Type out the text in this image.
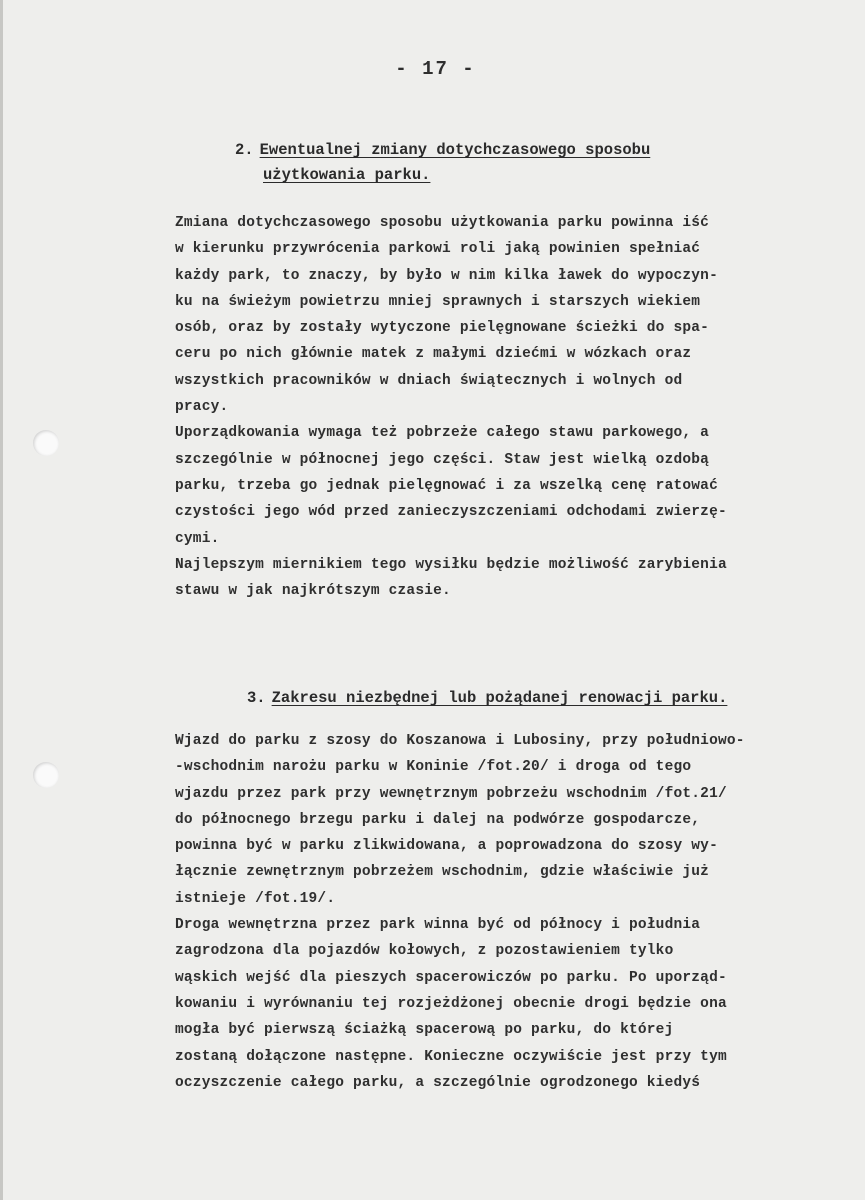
- 17 -
2. Ewentualnej zmiany dotychczasowego sposobu
użytkowania parku.
Zmiana dotychczasowego sposobu użytkowania parku powinna iść
w kierunku przywrócenia parkowi roli jaką powinien spełniać
każdy park, to znaczy, by było w nim kilka ławek do wypoczyn-
ku na świeżym powietrzu mniej sprawnych i starszych wiekiem
osób, oraz by zostały wytyczone pielęgnowane ścieżki do spa-
ceru po nich głównie matek z małymi dziećmi w wózkach oraz
wszystkich pracowników w dniach świątecznych i wolnych od
pracy.
Uporządkowania wymaga też pobrzeże całego stawu parkowego, a
szczególnie w północnej jego części. Staw jest wielką ozdobą
parku, trzeba go jednak pielęgnować i za wszelką cenę ratować
czystości jego wód przed zanieczyszczeniami odchodami zwierzę-
cymi.
Najlepszym miernikiem tego wysiłku będzie możliwość zarybienia
stawu w jak najkrótszym czasie.
3. Zakresu niezbędnej lub pożądanej renowacji parku.
Wjazd do parku z szosy do Koszanowa i Lubosiny, przy południowo-
-wschodnim narożu parku w Koninie /fot.20/ i droga od tego
wjazdu przez park przy wewnętrznym pobrzeżu wschodnim /fot.21/
do północnego brzegu parku i dalej na podwórze gospodarcze,
powinna być w parku zlikwidowana, a poprowadzona do szosy wy-
łącznie zewnętrznym pobrzeżem wschodnim, gdzie właściwie już
istnieje /fot.19/.
Droga wewnętrzna przez park winna być od północy i południa
zagrodzona dla pojazdów kołowych, z pozostawieniem tylko
wąskich wejść dla pieszych spacerowiczów po parku. Po uporząd-
kowaniu i wyrównaniu tej rozjeżdżonej obecnie drogi będzie ona
mogła być pierwszą ściażką spacerową po parku, do której
zostaną dołączone następne. Konieczne oczywiście jest przy tym
oczyszczenie całego parku, a szczególnie ogrodzonego kiedyś
